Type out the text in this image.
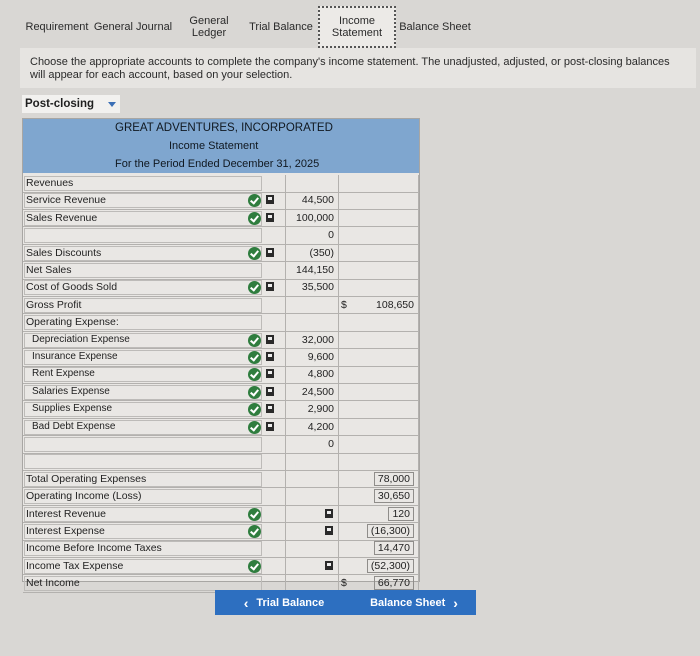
Requirement General Journal	General Ledger	Trial Balance	Income Statement	Balance Sheet
Choose the appropriate accounts to complete the company's income statement. The unadjusted, adjusted, or post-closing balances will appear for each account, based on your selection.
Post-closing
GREAT ADVENTURES, INCORPORATED
Income Statement
For the Period Ended December 31, 2025
Revenues
Service Revenue	44,500
Sales Revenue	100,000
0
Sales Discounts	(350)
Net Sales	144,150
Cost of Goods Sold	35,500
Gross Profit	$	108,650
Operating Expense:
Depreciation Expense	32,000
Insurance Expense	9,600
Rent Expense	4,800
Salaries Expense	24,500
Supplies Expense	2,900
Bad Debt Expense	4,200
0
Total Operating Expenses	78,000
Operating Income (Loss)	30,650
Interest Revenue	120
Interest Expense	(16,300)
Income Before Income Taxes	14,470
Income Tax Expense	(52,300)
Net Income	$	66,770
‹ Trial Balance	Balance Sheet ›
